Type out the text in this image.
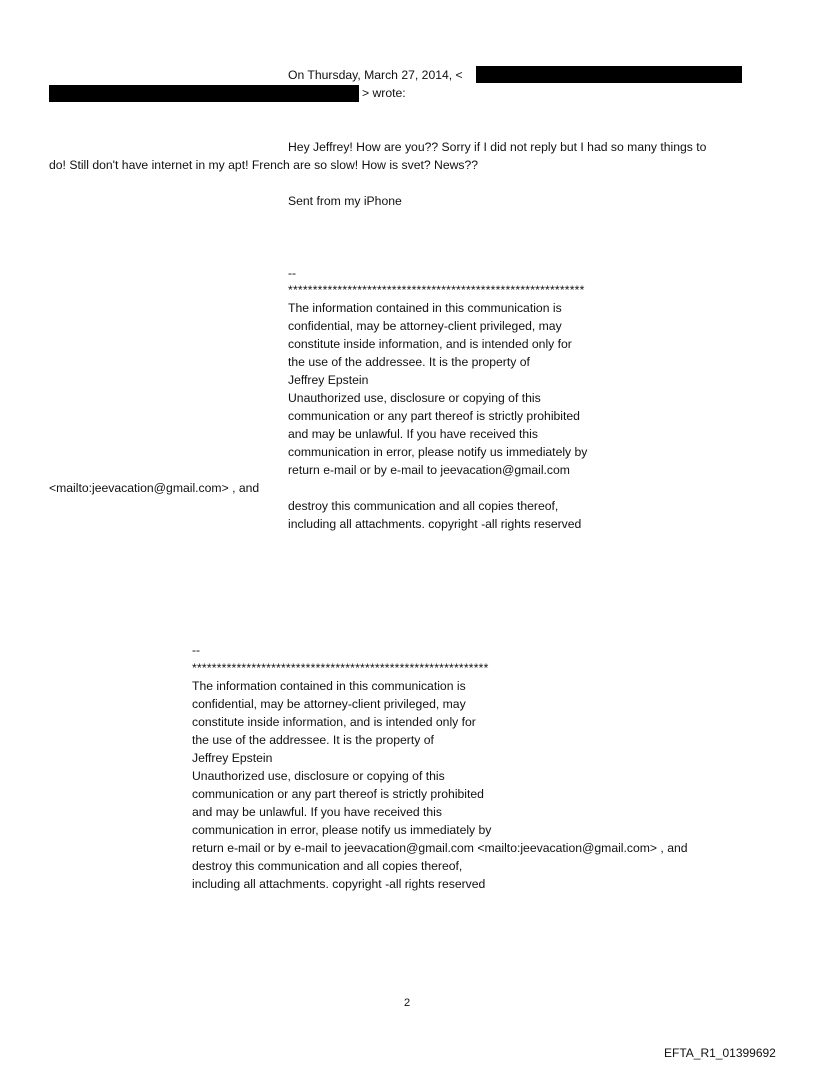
On Thursday, March 27, 2014, <
> wrote:
Hey Jeffrey! How are you?? Sorry if I did not reply but I had so many things to
do! Still don't have internet in my apt! French are so slow! How is svet? News??
Sent from my iPhone
--
************************************************************
The information contained in this communication is
confidential, may be attorney-client privileged, may
constitute inside information, and is intended only for
the use of the addressee. It is the property of
Jeffrey Epstein
Unauthorized use, disclosure or copying of this
communication or any part thereof is strictly prohibited
and may be unlawful. If you have received this
communication in error, please notify us immediately by
return e-mail or by e-mail to jeevacation@gmail.com
<mailto:jeevacation@gmail.com> , and
destroy this communication and all copies thereof,
including all attachments. copyright -all rights reserved
--
************************************************************
The information contained in this communication is
confidential, may be attorney-client privileged, may
constitute inside information, and is intended only for
the use of the addressee. It is the property of
Jeffrey Epstein
Unauthorized use, disclosure or copying of this
communication or any part thereof is strictly prohibited
and may be unlawful. If you have received this
communication in error, please notify us immediately by
return e-mail or by e-mail to jeevacation@gmail.com <mailto:jeevacation@gmail.com> , and
destroy this communication and all copies thereof,
including all attachments. copyright -all rights reserved
2
EFTA_R1_01399692
